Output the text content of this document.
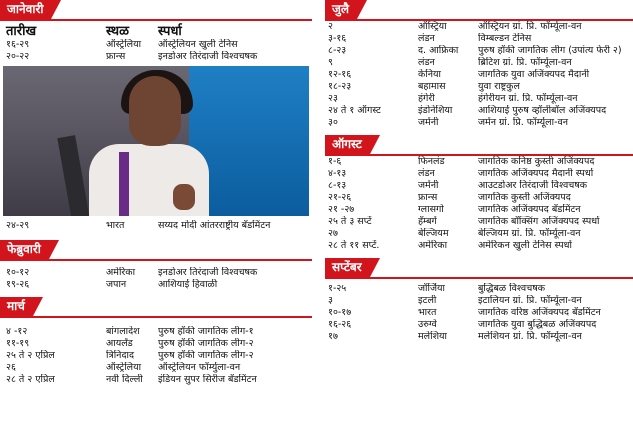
जानेवारी
तारीख	स्थळ	स्पर्धा
१६-२९	ऑस्ट्रेलिया	ऑस्ट्रेलियन खुली टेनिस
२०-२२	फ्रान्स	इनडोअर तिरंदाजी विश्वचषक
२४-२९	भारत	सय्यद मोदी आंतरराष्ट्रीय बॅडमिंटन
फेब्रुवारी
१०-१२	अमेरिका	इनडोअर तिरंदाजी विश्वचषक
१९-२६	जपान	आशियाई हिवाळी
मार्च
४ -१२	बांगलादेश	पुरुष हॉकी जागतिक लीग-१
११-१९	आयर्लंड	पुरुष हॉकी जागतिक लीग-२
२५ ते २ एप्रिल	त्रिनिदाद	पुरुष हॉकी जागतिक लीग-२
२६	ऑस्ट्रेलिया	ऑस्ट्रेलियन फॉर्म्युला-वन
२८ ते २ एप्रिल	नवी दिल्ली	इंडियन सुपर सिरीज बॅडमिंटन
जुलै
२	ऑस्ट्रिया	ऑस्ट्रियन ग्रां. प्रि. फॉर्म्यूला-वन
३-१६	लंडन	विम्बल्डन टेनिस
८-२३	द. आफ्रिका	पुरुष हॉकी जागतिक लीग (उपांत्य फेरी २)
९	लंडन	ब्रिटिश ग्रां. प्रि. फॉर्म्यूला-वन
१२-१६	केनिया	जागतिक युवा अजिंक्यपद मैदानी
१८-२३	बहामास	युवा राष्ट्रकुल
२३	हंगेरी	हंगेरीयन ग्रां. प्रि. फॉर्म्यूला-वन
२४ ते १ ऑगस्ट	इंडोनेशिया	आशियाई पुरुष व्हॉलीबॉल अजिंक्यपद
३०	जर्मनी	जर्मन ग्रां. प्रि. फॉर्म्यूला-वन
ऑगस्ट
१-६	फिनलंड	जागतिक कनिष्ठ कुस्ती अजिंक्यपद
४-१३	लंडन	जागतिक अजिंक्यपद मैदानी स्पर्धा
८-१३	जर्मनी	आउटडोअर तिरंदाजी विश्वचषक
२१-२६	फ्रान्स	जागतिक कुस्ती अजिंक्यपद
२१ -२७	ग्लासगो	जागतिक अजिंक्यपद बॅडमिंटन
२५ ते ३ सप्टें	हॅम्बर्ग	जागतिक बॉक्सिंग अजिंक्यपद स्पर्धा
२७	बेल्जियम	बेल्जियम ग्रां. प्रि. फॉर्म्यूला-वन
२८ ते ११ सप्टें.	अमेरिका	अमेरिकन खुली टेनिस स्पर्धा
सप्टेंबर
१-२५	जॉर्जिया	बुद्धिबळ विश्वचषक
३	इटली	इटालियन ग्रां. प्रि. फॉर्म्यूला-वन
१०-१७	भारत	जागतिक वरिष्ठ अजिंक्यपद बॅडमिंटन
१६-२६	उरुग्वे	जागतिक युवा बुद्धिबळ अजिंक्यपद
१७	मलेशिया	मलेशियन ग्रां. प्रि. फॉर्म्यूला-वन
